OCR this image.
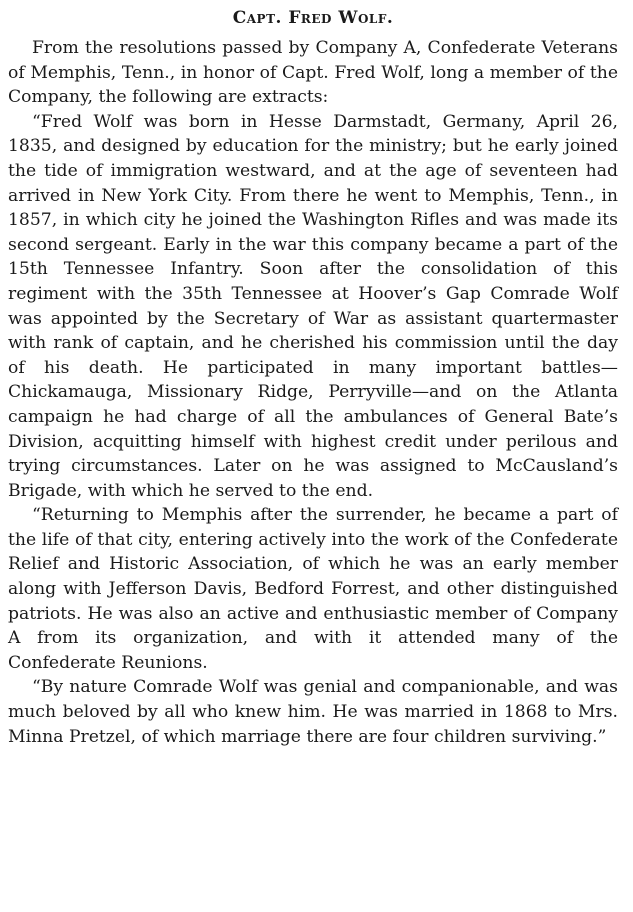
Capt. Fred Wolf.

From the resolutions passed by Company A, Confederate Veterans of Memphis, Tenn., in honor of Capt. Fred Wolf, long a member of the Company, the following are extracts:

“Fred Wolf was born in Hesse Darmstadt, Germany, April 26, 1835, and designed by education for the ministry; but he early joined the tide of immigration westward, and at the age of seventeen had arrived in New York City. From there he went to Memphis, Tenn., in 1857, in which city he joined the Washington Rifles and was made its second sergeant. Early in the war this company became a part of the 15th Tennessee Infantry. Soon after the consolidation of this regiment with the 35th Tennessee at Hoover’s Gap Comrade Wolf was appointed by the Secretary of War as assistant quartermaster with rank of captain, and he cherished his commission until the day of his death. He participated in many important battles—Chickamauga, Missionary Ridge, Perryville—and on the Atlanta campaign he had charge of all the ambulances of General Bate’s Division, acquitting himself with highest credit under perilous and trying circumstances. Later on he was assigned to McCausland’s Brigade, with which he served to the end.

“Returning to Memphis after the surrender, he became a part of the life of that city, entering actively into the work of the Confederate Relief and Historic Association, of which he was an early member along with Jefferson Davis, Bedford Forrest, and other distinguished patriots. He was also an active and enthusiastic member of Company A from its organization, and with it attended many of the Confederate Reunions.

“By nature Comrade Wolf was genial and companionable, and was much beloved by all who knew him. He was married in 1868 to Mrs. Minna Pretzel, of which marriage there are four children surviving.”
